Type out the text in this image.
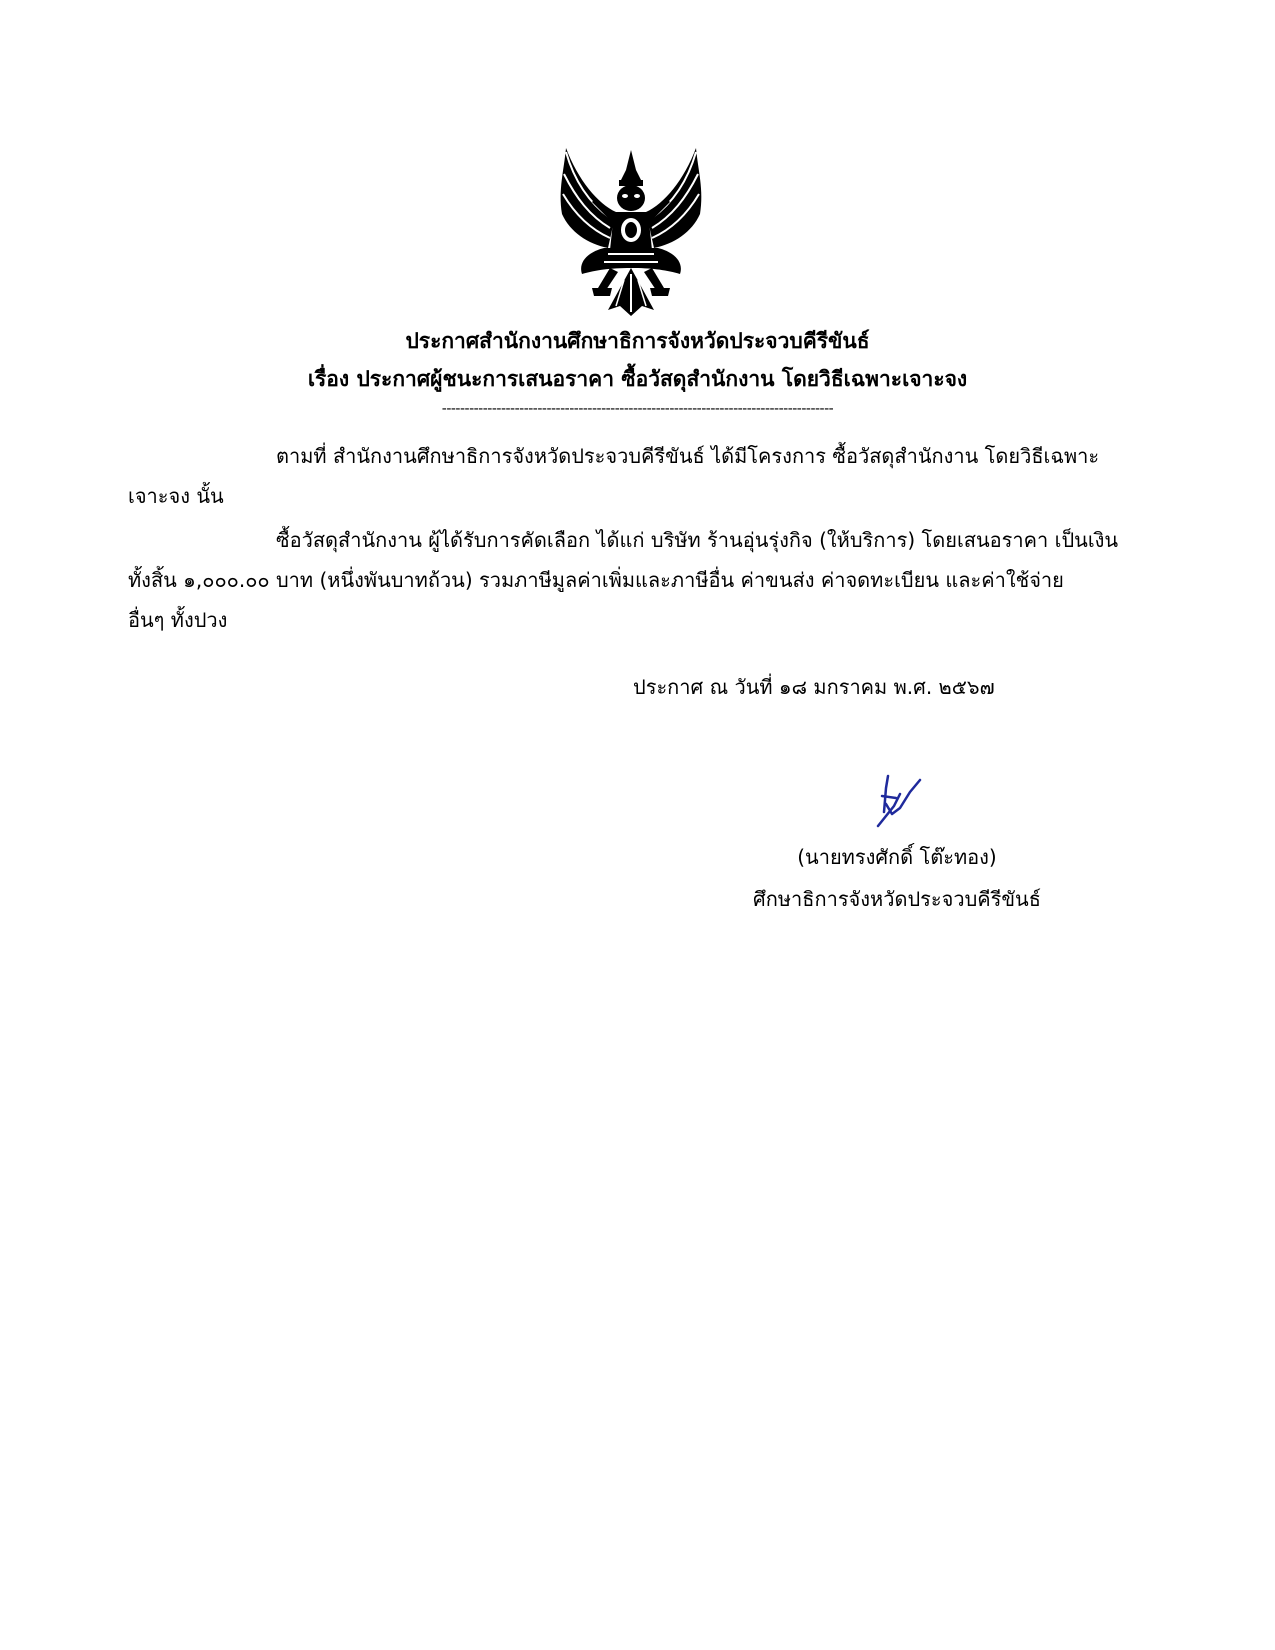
ประกาศสำนักงานศึกษาธิการจังหวัดประจวบคีรีขันธ์
เรื่อง ประกาศผู้ชนะการเสนอราคา ซื้อวัสดุสำนักงาน โดยวิธีเฉพาะเจาะจง
--------------------------------------------------------------------------------------
ตามที่ สำนักงานศึกษาธิการจังหวัดประจวบคีรีขันธ์ ได้มีโครงการ ซื้อวัสดุสำนักงาน โดยวิธีเฉพาะ
เจาะจง นั้น
ซื้อวัสดุสำนักงาน ผู้ได้รับการคัดเลือก ได้แก่ บริษัท ร้านอุ่นรุ่งกิจ (ให้บริการ) โดยเสนอราคา เป็นเงิน
ทั้งสิ้น ๑,๐๐๐.๐๐ บาท (หนึ่งพันบาทถ้วน) รวมภาษีมูลค่าเพิ่มและภาษีอื่น ค่าขนส่ง ค่าจดทะเบียน และค่าใช้จ่าย
อื่นๆ ทั้งปวง
ประกาศ ณ วันที่ ๑๘ มกราคม พ.ศ. ๒๕๖๗
(นายทรงศักดิ์ โต๊ะทอง)
ศึกษาธิการจังหวัดประจวบคีรีขันธ์
